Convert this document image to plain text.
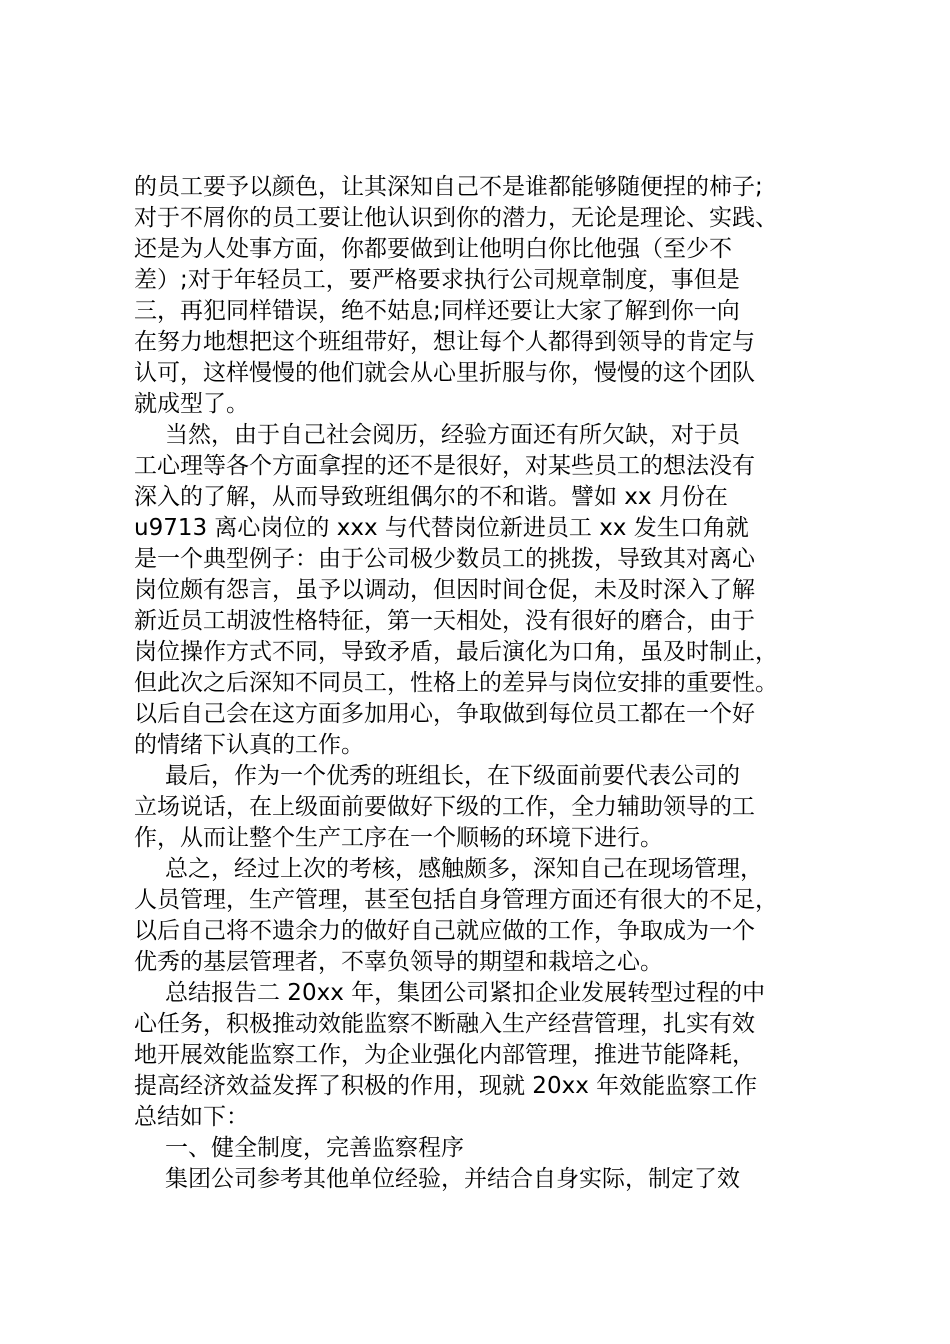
的员工要予以颜色，让其深知自己不是谁都能够随便捏的柿子;
对于不屑你的员工要让他认识到你的潜力，无论是理论、实践、
还是为人处事方面，你都要做到让他明白你比他强（至少不
差）;对于年轻员工，要严格要求执行公司规章制度，事但是
三，再犯同样错误，绝不姑息;同样还要让大家了解到你一向
在努力地想把这个班组带好，想让每个人都得到领导的肯定与
认可，这样慢慢的他们就会从心里折服与你，慢慢的这个团队
就成型了。
当然，由于自己社会阅历，经验方面还有所欠缺，对于员
工心理等各个方面拿捏的还不是很好，对某些员工的想法没有
深入的了解，从而导致班组偶尔的不和谐。譬如 xx 月份在
u9713 离心岗位的 xxx 与代替岗位新进员工 xx 发生口角就
是一个典型例子：由于公司极少数员工的挑拨，导致其对离心
岗位颇有怨言，虽予以调动，但因时间仓促，未及时深入了解
新近员工胡波性格特征，第一天相处，没有很好的磨合，由于
岗位操作方式不同，导致矛盾，最后演化为口角，虽及时制止，
但此次之后深知不同员工，性格上的差异与岗位安排的重要性。
以后自己会在这方面多加用心，争取做到每位员工都在一个好
的情绪下认真的工作。
最后，作为一个优秀的班组长，在下级面前要代表公司的
立场说话，在上级面前要做好下级的工作，全力辅助领导的工
作，从而让整个生产工序在一个顺畅的环境下进行。
总之，经过上次的考核，感触颇多，深知自己在现场管理，
人员管理，生产管理，甚至包括自身管理方面还有很大的不足，
以后自己将不遗余力的做好自己就应做的工作，争取成为一个
优秀的基层管理者，不辜负领导的期望和栽培之心。
总结报告二 20xx 年，集团公司紧扣企业发展转型过程的中
心任务，积极推动效能监察不断融入生产经营管理，扎实有效
地开展效能监察工作，为企业强化内部管理，推进节能降耗，
提高经济效益发挥了积极的作用，现就 20xx 年效能监察工作
总结如下：
一、健全制度，完善监察程序
集团公司参考其他单位经验，并结合自身实际，制定了效
